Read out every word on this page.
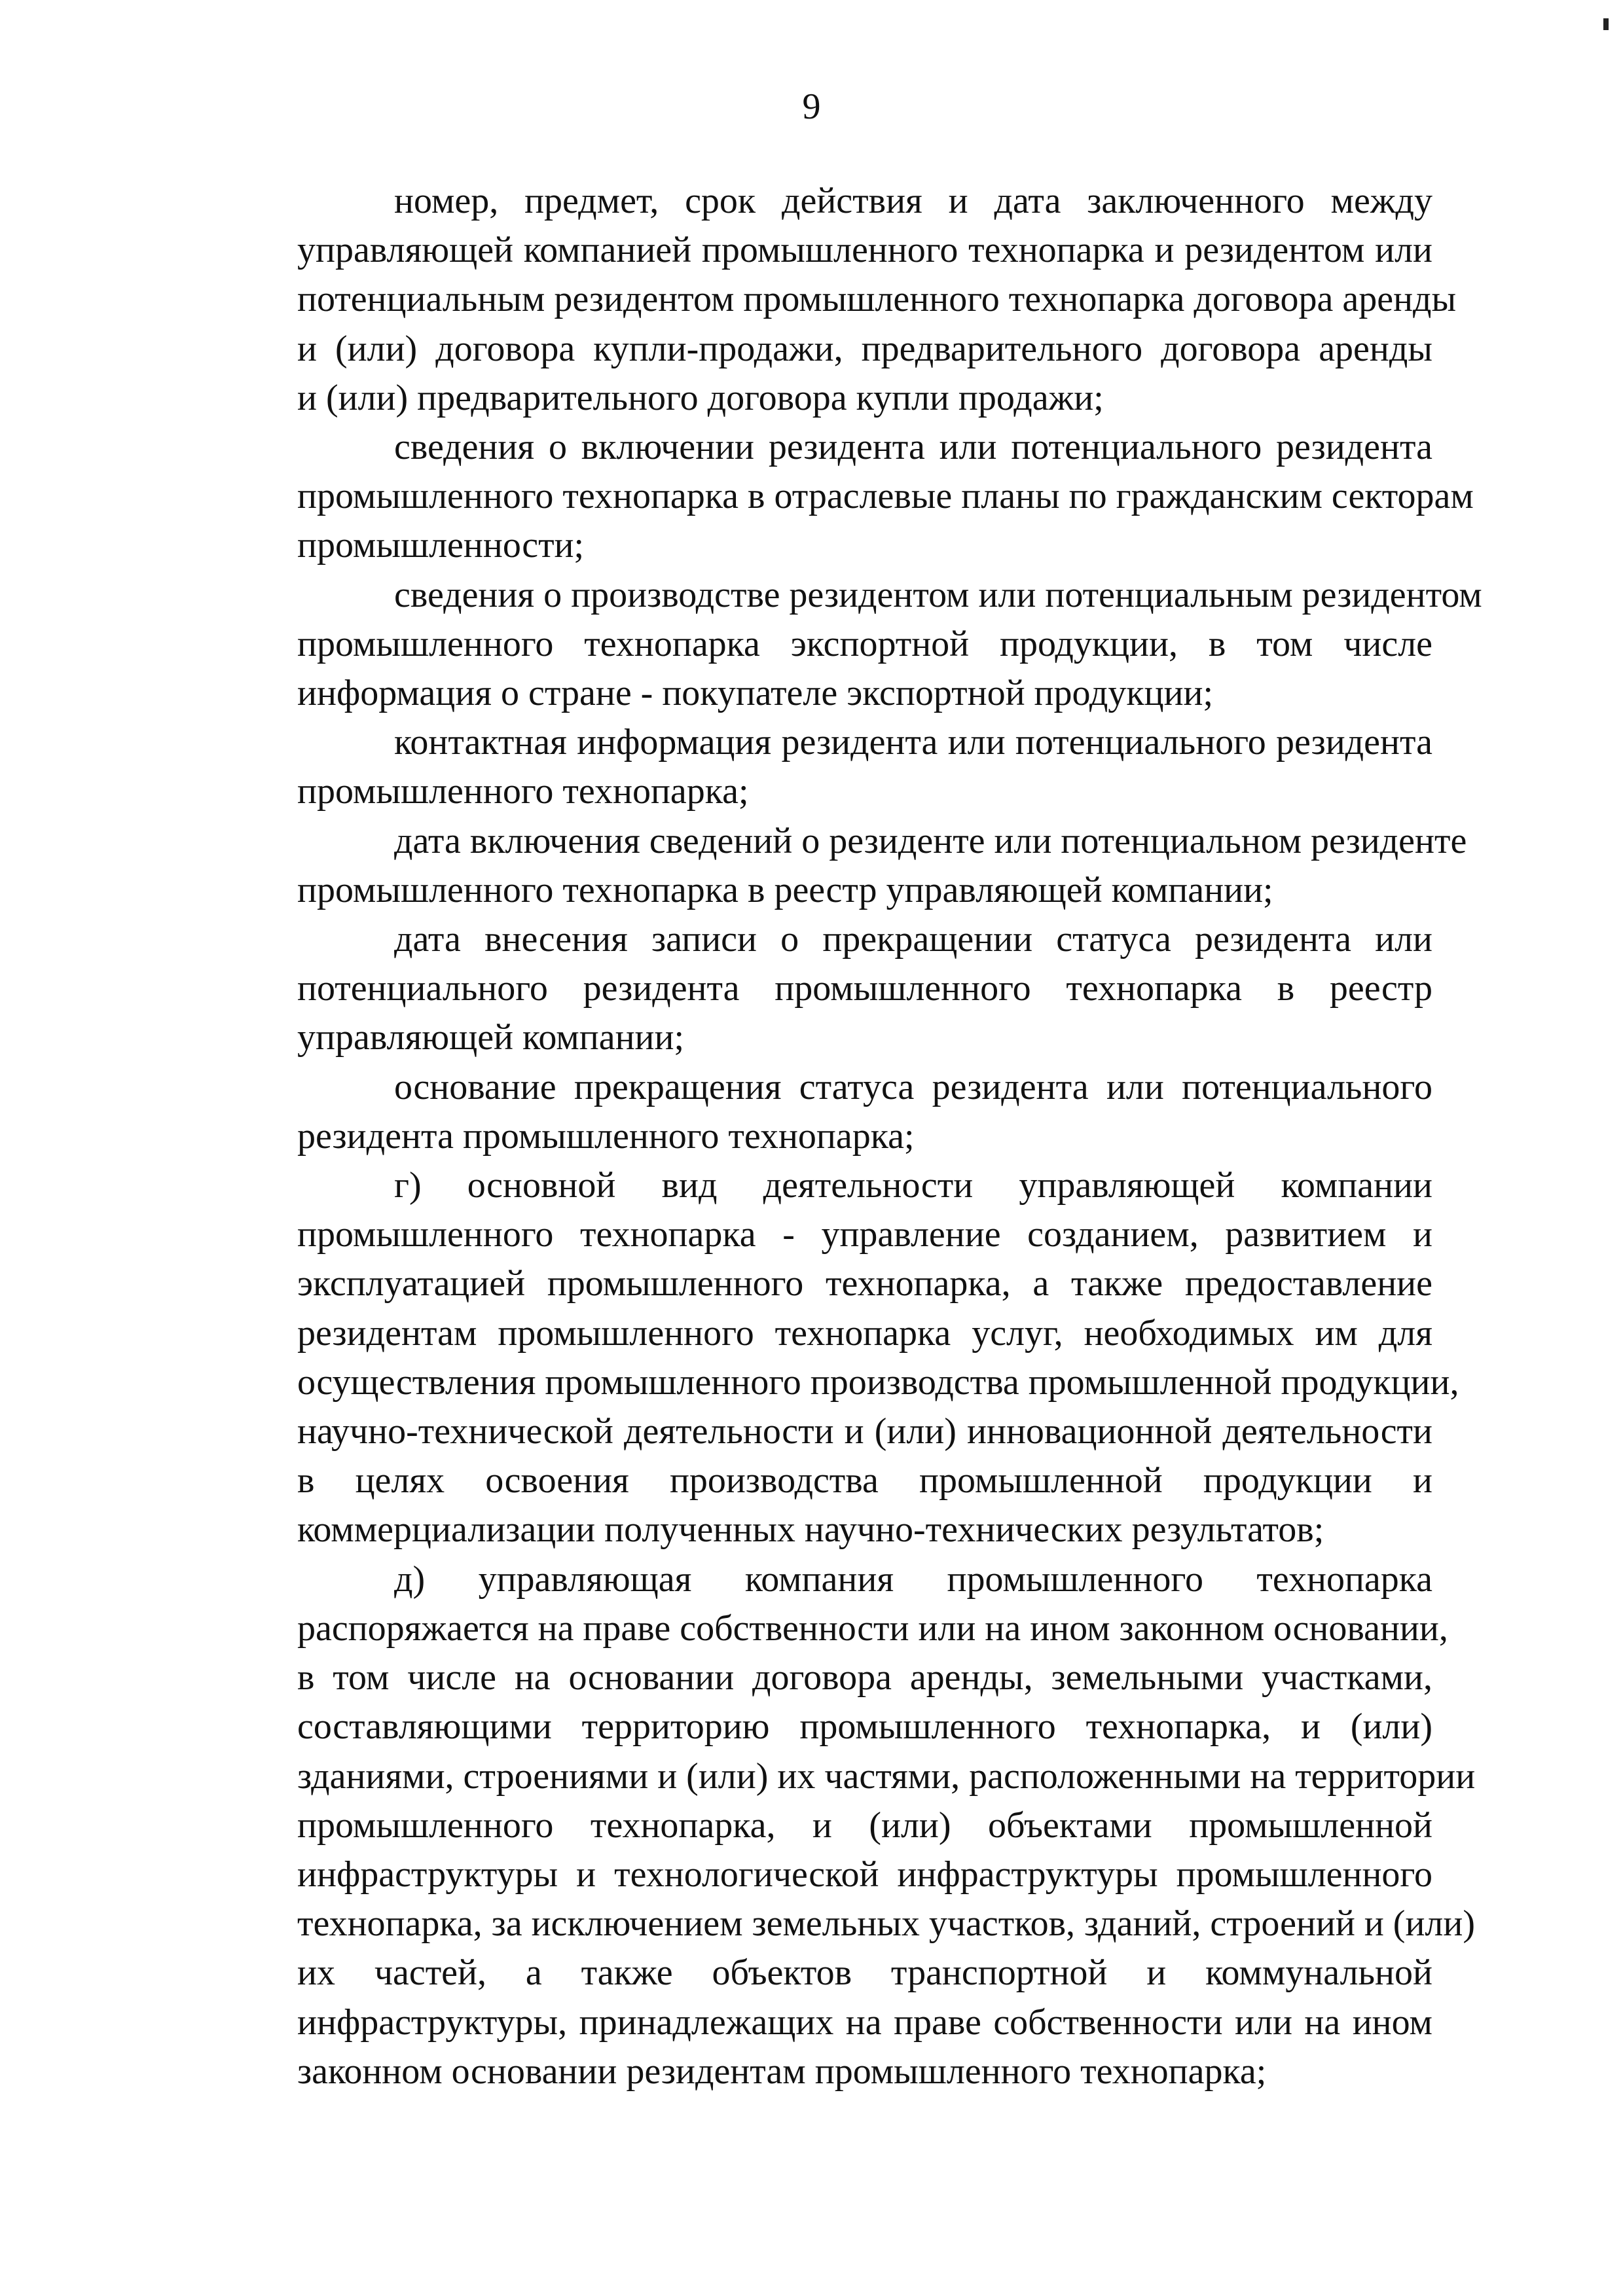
9
номер, предмет, срок действия и дата заключенного между
управляющей компанией промышленного технопарка и резидентом или
потенциальным резидентом промышленного технопарка договора аренды
и (или) договора купли-продажи, предварительного договора аренды
и (или) предварительного договора купли продажи;
сведения о включении резидента или потенциального резидента
промышленного технопарка в отраслевые планы по гражданским секторам
промышленности;
сведения о производстве резидентом или потенциальным резидентом
промышленного технопарка экспортной продукции, в том числе
информация о стране - покупателе экспортной продукции;
контактная информация резидента или потенциального резидента
промышленного технопарка;
дата включения сведений о резиденте или потенциальном резиденте
промышленного технопарка в реестр управляющей компании;
дата внесения записи о прекращении статуса резидента или
потенциального резидента промышленного технопарка в реестр
управляющей компании;
основание прекращения статуса резидента или потенциального
резидента промышленного технопарка;
г) основной вид деятельности управляющей компании
промышленного технопарка - управление созданием, развитием и
эксплуатацией промышленного технопарка, а также предоставление
резидентам промышленного технопарка услуг, необходимых им для
осуществления промышленного производства промышленной продукции,
научно-технической деятельности и (или) инновационной деятельности
в целях освоения производства промышленной продукции и
коммерциализации полученных научно-технических результатов;
д) управляющая компания промышленного технопарка
распоряжается на праве собственности или на ином законном основании,
в том числе на основании договора аренды, земельными участками,
составляющими территорию промышленного технопарка, и (или)
зданиями, строениями и (или) их частями, расположенными на территории
промышленного технопарка, и (или) объектами промышленной
инфраструктуры и технологической инфраструктуры промышленного
технопарка, за исключением земельных участков, зданий, строений и (или)
их частей, а также объектов транспортной и коммунальной
инфраструктуры, принадлежащих на праве собственности или на ином
законном основании резидентам промышленного технопарка;
